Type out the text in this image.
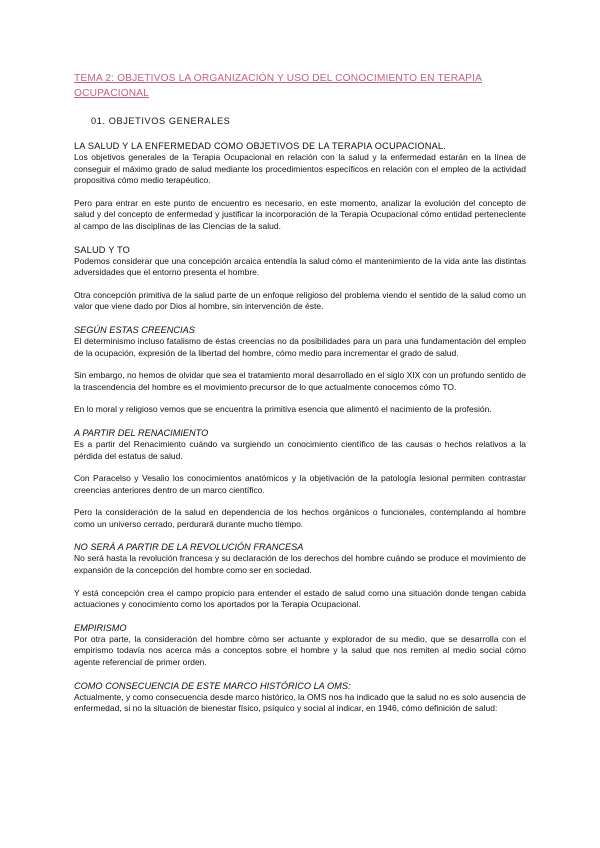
TEMA 2: OBJETIVOS LA ORGANIZACIÓN Y USO DEL CONOCIMIENTO EN TERAPIA OCUPACIONAL
01. OBJETIVOS GENERALES
LA SALUD Y LA ENFERMEDAD COMO OBJETIVOS DE LA TERAPIA OCUPACIONAL.

Los objetivos generales de la Terapia Ocupacional en relación con la salud y la enfermedad estarán en la línea de conseguir el máximo grado de salud mediante los procedimientos específicos en relación con el empleo de la actividad propositiva cómo medio terapéutico.

Pero para entrar en este punto de encuentro es necesario, en este momento, analizar la evolución del concepto de salud y del concepto de enfermedad y justificar la incorporación de la Terapia Ocupacional cómo entidad perteneciente al campo de las disciplinas de las Ciencias de la salud.

SALUD Y TO

Podemos considerar que una concepción arcaica entendía la salud cómo el mantenimiento de la vida ante las distintas adversidades que el entorno presenta el hombre.

Otra concepción primitiva de la salud parte de un enfoque religioso del problema viendo el sentido de la salud como un valor que viene dado por Dios al hombre, sin intervención de éste.

SEGÚN ESTAS CREENCIAS

El determinismo incluso fatalismo de éstas creencias no da posibilidades para un para una fundamentación del empleo de la ocupación, expresión de la libertad del hombre, cómo medio para incrementar el grado de salud.

Sin embargo, no hemos de olvidar que sea el tratamiento moral desarrollado en el siglo XIX con un profundo sentido de la trascendencia del hombre es el movimiento precursor de lo que actualmente conocemos cómo TO.

En lo moral y religioso vemos que se encuentra la primitiva esencia que alimentó el nacimiento de la profesión.

A PARTIR DEL RENACIMIENTO

Es a partir del Renacimiento cuándo va surgiendo un conocimiento científico de las causas o hechos relativos a la pérdida del estatus de salud.

Con Paracelso y Vesalio los conocimientos anatómicos y la objetivación de la patología lesional permiten contrastar creencias anteriores dentro de un marco científico.

Pero la consideración de la salud en dependencia de los hechos orgánicos o funcionales, contemplando al hombre como un universo cerrado, perdurará durante mucho tiempo.

NO SERÁ A PARTIR DE LA REVOLUCIÓN FRANCESA

No será hasta la revolución francesa y su declaración de los derechos del hombre cuándo se produce el movimiento de expansión de la concepción del hombre como ser en sociedad.

Y está concepción crea el campo propicio para entender el estado de salud como una situación donde tengan cabida actuaciones y conocimiento como los aportados por la Terapia Ocupacional.

EMPIRISMO

Por otra parte, la consideración del hombre cómo ser actuante y explorador de su medio, que se desarrolla con el empirismo todavía nos acerca más a conceptos sobre el hombre y la salud que nos remiten al medio social cómo agente referencial de primer orden.

COMO CONSECUENCIA DE ESTE MARCO HISTÓRICO LA OMS:

Actualmente, y como consecuencia desde marco histórico, la OMS nos ha indicado que la salud no es solo ausencia de enfermedad, si no la situación de bienestar físico, psíquico y social al indicar, en 1946, cómo definición de salud:
